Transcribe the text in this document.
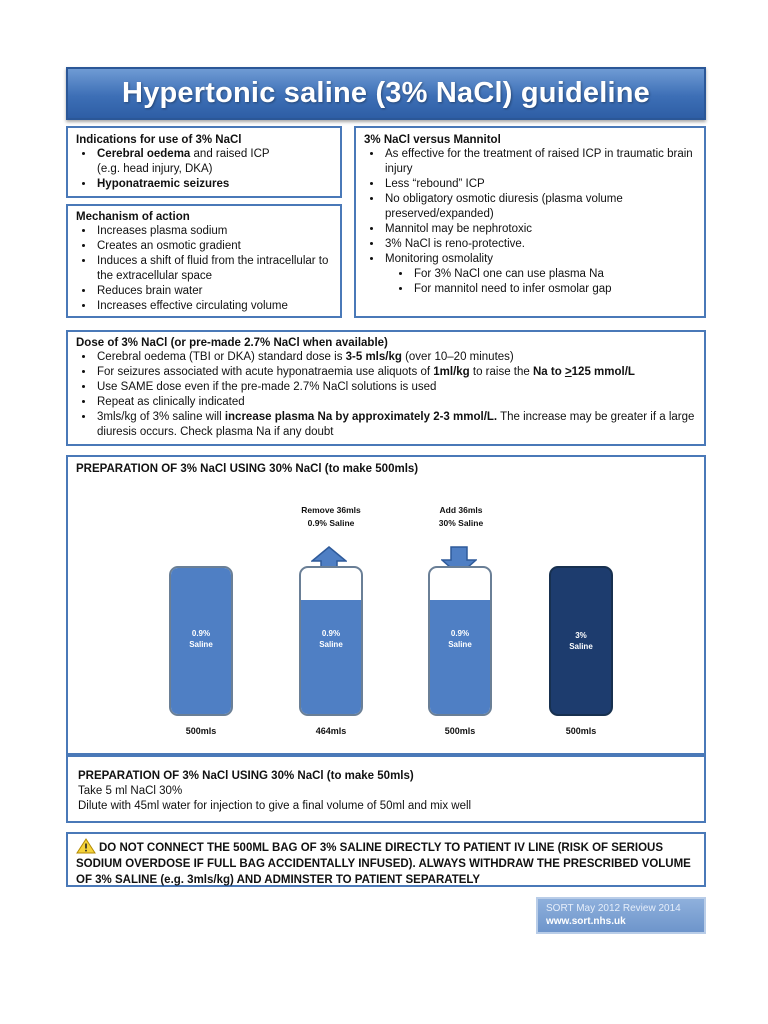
Hypertonic saline (3% NaCl) guideline
Indications for use of 3% NaCl
• Cerebral oedema and raised ICP
(e.g. head injury, DKA)
• Hyponatraemic seizures
Mechanism of action
• Increases plasma sodium
• Creates an osmotic gradient
• Induces a shift of fluid from the intracellular to the extracellular space
• Reduces brain water
• Increases effective circulating volume
3% NaCl versus Mannitol
• As effective for the treatment of raised ICP in traumatic brain injury
• Less “rebound” ICP
• No obligatory osmotic diuresis (plasma volume preserved/expanded)
• Mannitol may be nephrotoxic
• 3% NaCl is reno-protective.
• Monitoring osmolality
• For 3% NaCl one can use plasma Na
• For mannitol need to infer osmolar gap
Dose of 3% NaCl (or pre-made 2.7% NaCl when available)
• Cerebral oedema (TBI or DKA) standard dose is 3-5 mls/kg (over 10–20 minutes)
• For seizures associated with acute hyponatraemia use aliquots of 1ml/kg to raise the Na to >125 mmol/L
• Use SAME dose even if the pre-made 2.7% NaCl solutions is used
• Repeat as clinically indicated
• 3mls/kg of 3% saline will increase plasma Na by approximately 2-3 mmol/L. The increase may be greater if a large diuresis occurs. Check plasma Na if any doubt
PREPARATION OF 3% NaCl USING 30% NaCl (to make 500mls)
Remove 36mls
0.9% Saline
Add 36mls
30% Saline
0.9%
Saline
0.9%
Saline
0.9%
Saline
3%
Saline
500mls	464mls	500mls	500mls
PREPARATION OF 3% NaCl USING 30% NaCl (to make 50mls)
Take 5 ml NaCl 30%
Dilute with 45ml water for injection to give a final volume of 50ml and mix well
DO NOT CONNECT THE 500ML BAG OF 3% SALINE DIRECTLY TO PATIENT IV LINE (RISK OF SERIOUS SODIUM OVERDOSE IF FULL BAG ACCIDENTALLY INFUSED). ALWAYS WITHDRAW THE PRESCRIBED VOLUME OF 3% SALINE (e.g. 3mls/kg) AND ADMINSTER TO PATIENT SEPARATELY
SORT May 2012 Review 2014
www.sort.nhs.uk
